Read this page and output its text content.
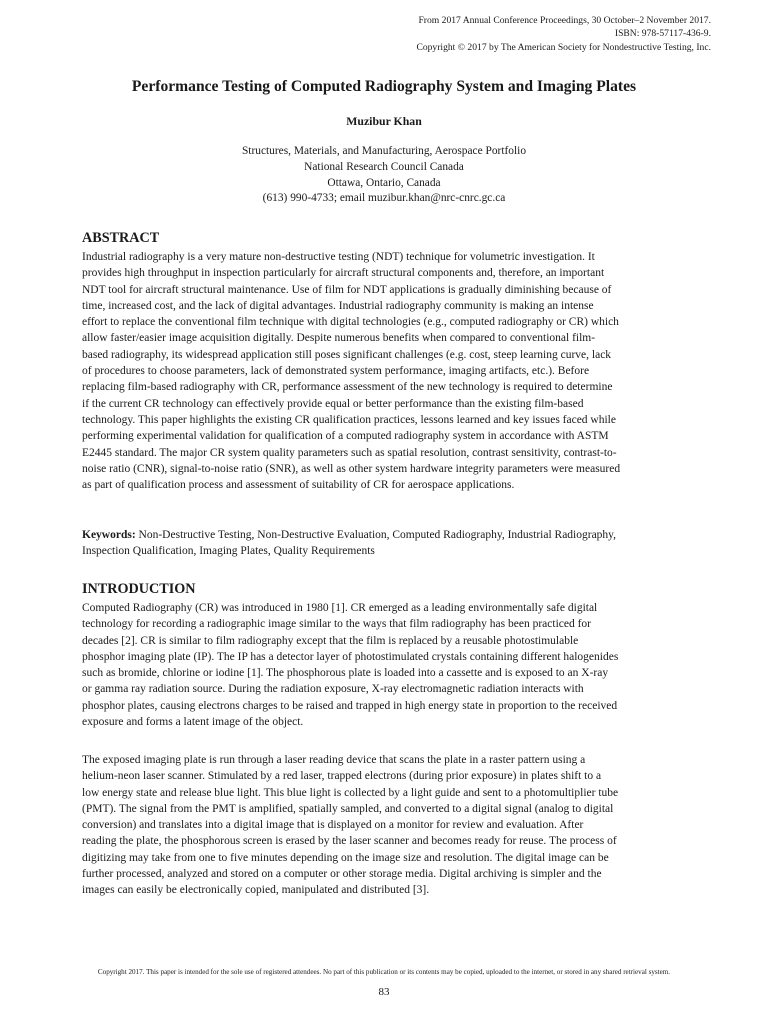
From 2017 Annual Conference Proceedings, 30 October–2 November 2017.
ISBN: 978-57117-436-9.
Copyright © 2017 by The American Society for Nondestructive Testing, Inc.
Performance Testing of Computed Radiography System and Imaging Plates
Muzibur Khan
Structures, Materials, and Manufacturing, Aerospace Portfolio
National Research Council Canada
Ottawa, Ontario, Canada
(613) 990-4733; email muzibur.khan@nrc-cnrc.gc.ca
ABSTRACT
Industrial radiography is a very mature non-destructive testing (NDT) technique for volumetric investigation. It
provides high throughput in inspection particularly for aircraft structural components and, therefore, an important
NDT tool for aircraft structural maintenance. Use of film for NDT applications is gradually diminishing because of
time, increased cost, and the lack of digital advantages. Industrial radiography community is making an intense
effort to replace the conventional film technique with digital technologies (e.g., computed radiography or CR) which
allow faster/easier image acquisition digitally. Despite numerous benefits when compared to conventional film-
based radiography, its widespread application still poses significant challenges (e.g. cost, steep learning curve, lack
of procedures to choose parameters, lack of demonstrated system performance, imaging artifacts, etc.). Before
replacing film-based radiography with CR, performance assessment of the new technology is required to determine
if the current CR technology can effectively provide equal or better performance than the existing film-based
technology. This paper highlights the existing CR qualification practices, lessons learned and key issues faced while
performing experimental validation for qualification of a computed radiography system in accordance with ASTM
E2445 standard. The major CR system quality parameters such as spatial resolution, contrast sensitivity, contrast-to-
noise ratio (CNR), signal-to-noise ratio (SNR), as well as other system hardware integrity parameters were measured
as part of qualification process and assessment of suitability of CR for aerospace applications.
Keywords: Non-Destructive Testing, Non-Destructive Evaluation, Computed Radiography, Industrial Radiography,
Inspection Qualification, Imaging Plates, Quality Requirements
INTRODUCTION
Computed Radiography (CR) was introduced in 1980 [1]. CR emerged as a leading environmentally safe digital
technology for recording a radiographic image similar to the ways that film radiography has been practiced for
decades [2]. CR is similar to film radiography except that the film is replaced by a reusable photostimulable
phosphor imaging plate (IP). The IP has a detector layer of photostimulated crystals containing different halogenides
such as bromide, chlorine or iodine [1]. The phosphorous plate is loaded into a cassette and is exposed to an X-ray
or gamma ray radiation source. During the radiation exposure, X-ray electromagnetic radiation interacts with
phosphor plates, causing electrons charges to be raised and trapped in high energy state in proportion to the received
exposure and forms a latent image of the object.
The exposed imaging plate is run through a laser reading device that scans the plate in a raster pattern using a
helium-neon laser scanner. Stimulated by a red laser, trapped electrons (during prior exposure) in plates shift to a
low energy state and release blue light. This blue light is collected by a light guide and sent to a photomultiplier tube
(PMT). The signal from the PMT is amplified, spatially sampled, and converted to a digital signal (analog to digital
conversion) and translates into a digital image that is displayed on a monitor for review and evaluation. After
reading the plate, the phosphorous screen is erased by the laser scanner and becomes ready for reuse. The process of
digitizing may take from one to five minutes depending on the image size and resolution. The digital image can be
further processed, analyzed and stored on a computer or other storage media. Digital archiving is simpler and the
images can easily be electronically copied, manipulated and distributed [3].
Copyright 2017. This paper is intended for the sole use of registered attendees. No part of this publication or its contents may be copied, uploaded to the internet, or stored in any shared retrieval system.
83
